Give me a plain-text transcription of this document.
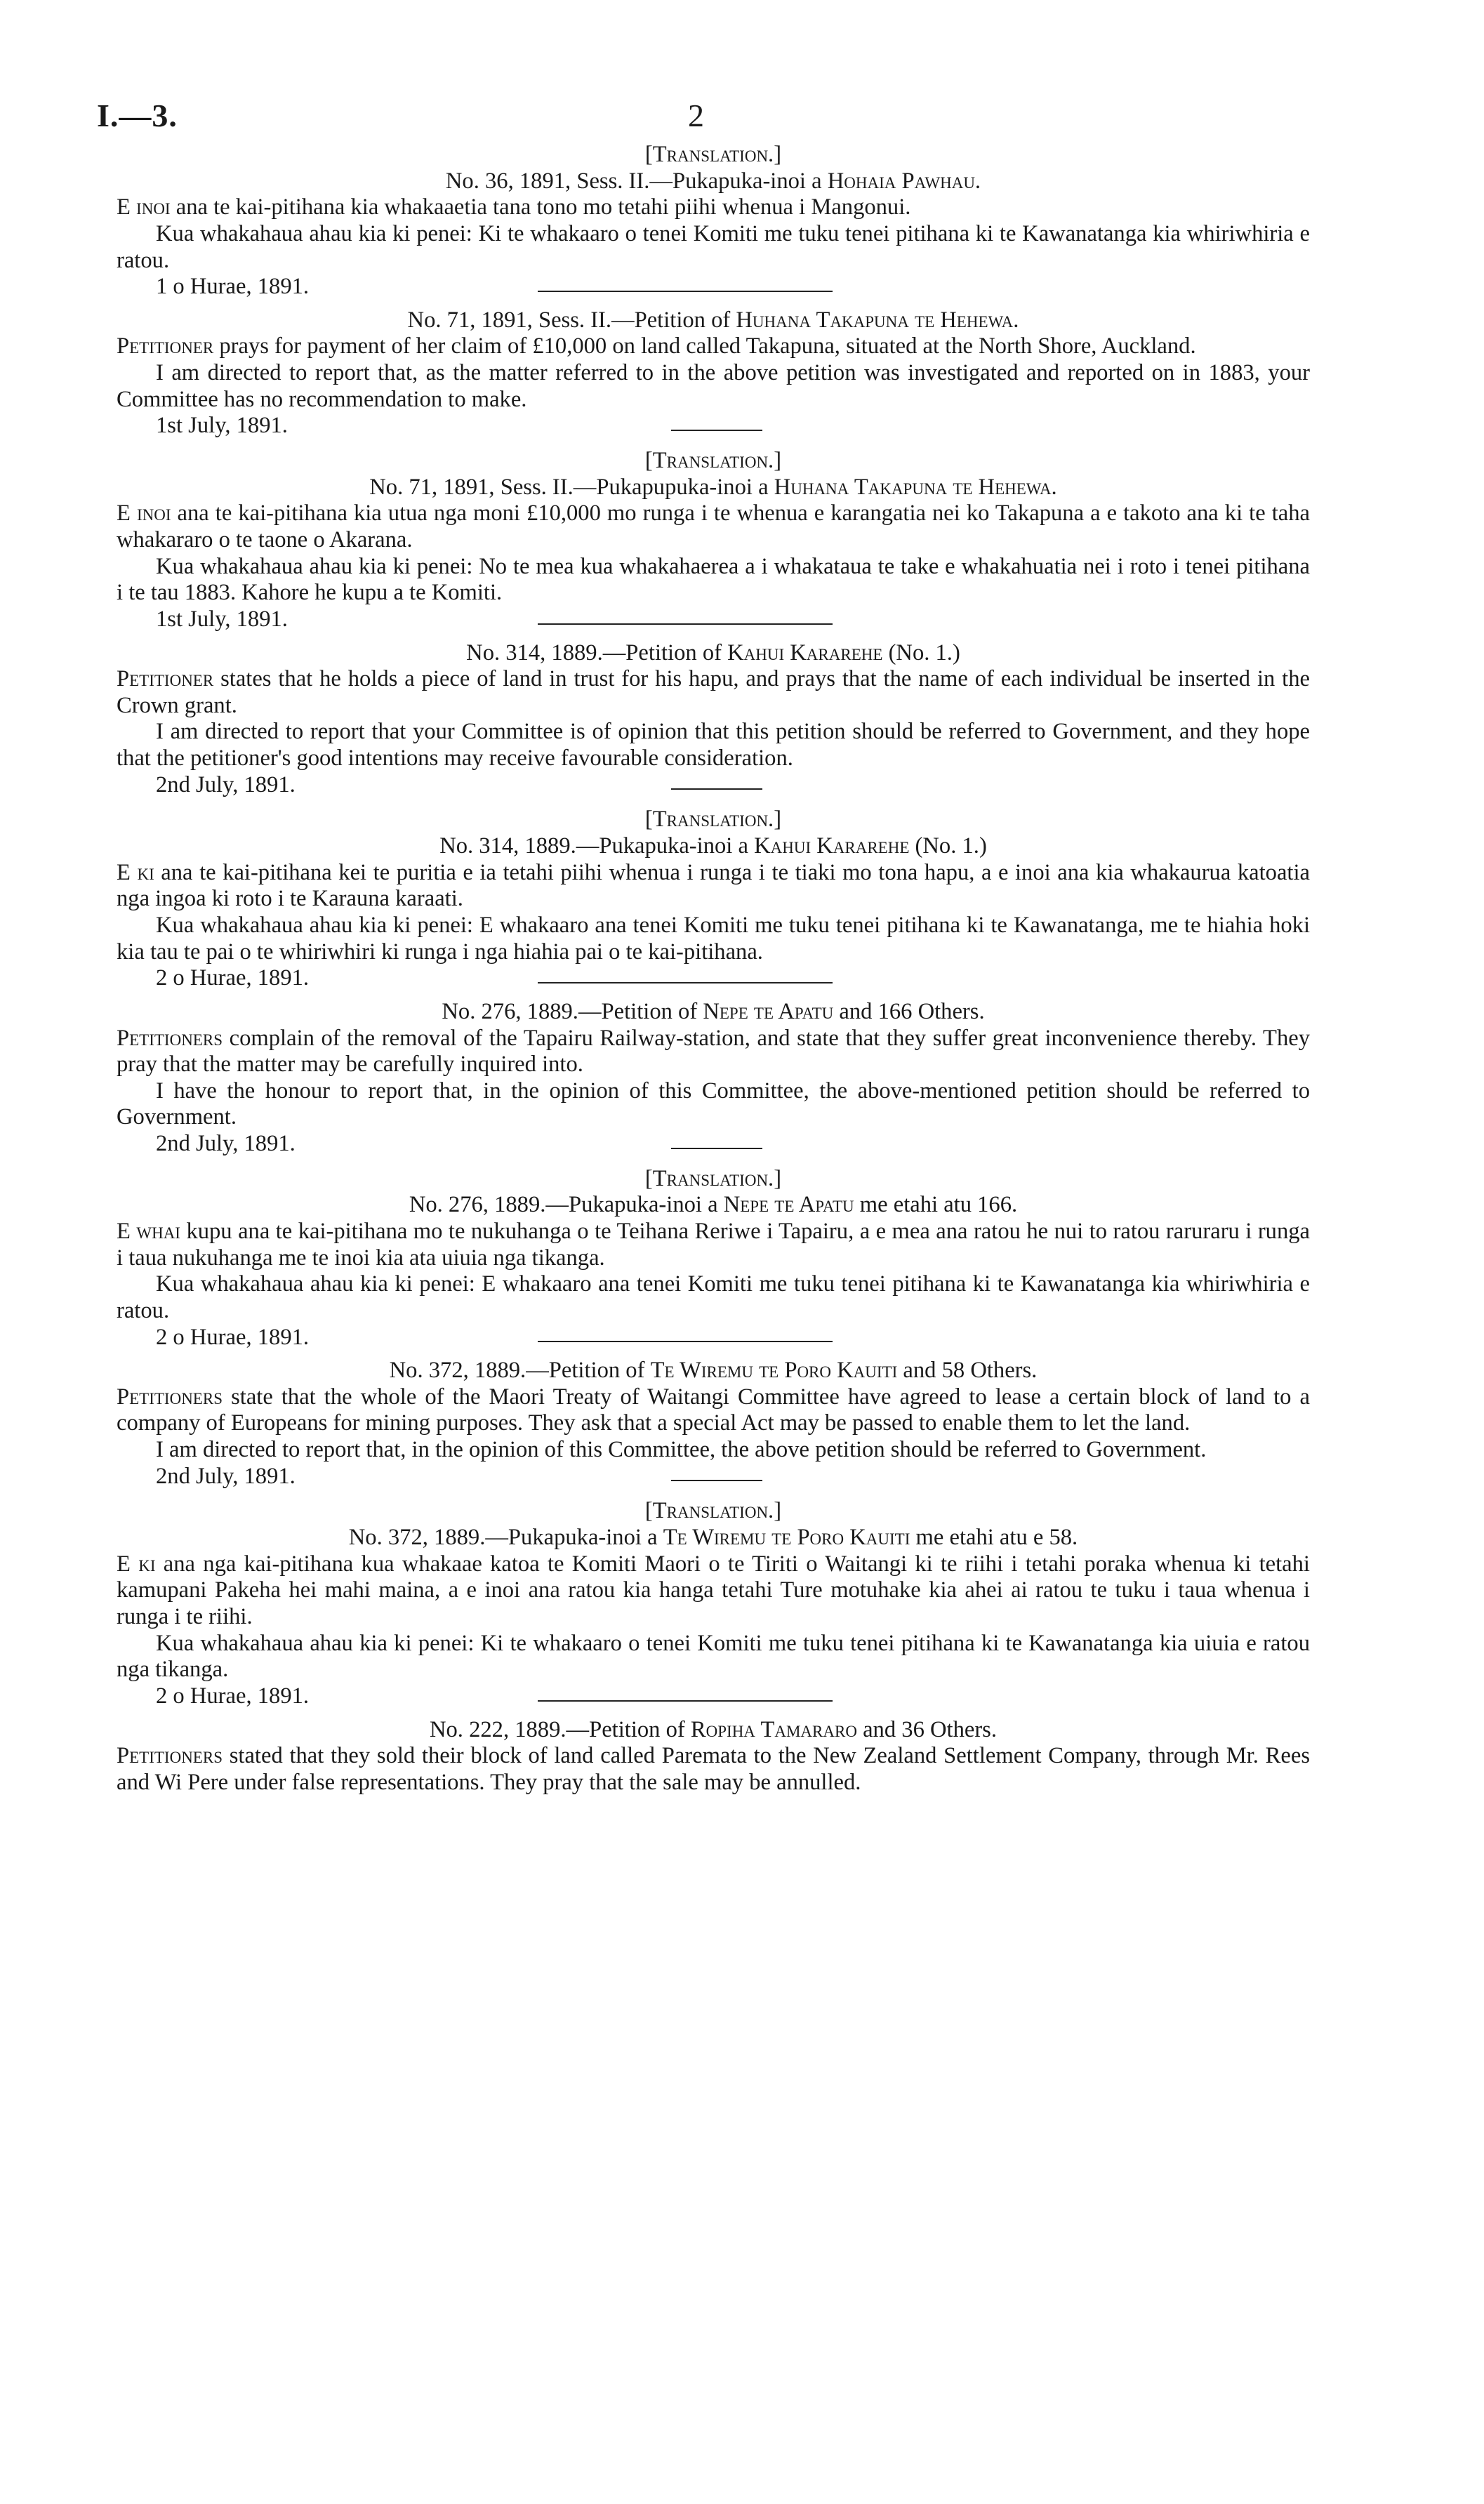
I.—3.	2
[Translation.]
No. 36, 1891, Sess. II.—Pukapuka-inoi a Hohaia Pawhau.

E inoi ana te kai-pitihana kia whakaaetia tana tono mo tetahi piihi whenua i Mangonui.

Kua whakahaua ahau kia ki penei: Ki te whakaaro o tenei Komiti me tuku tenei pitihana ki te Kawanatanga kia whiriwhiria e ratou.

1 o Hurae, 1891.
No. 71, 1891, Sess. II.—Petition of Huhana Takapuna te Hehewa.

Petitioner prays for payment of her claim of £10,000 on land called Takapuna, situated at the North Shore, Auckland.

I am directed to report that, as the matter referred to in the above petition was investigated and reported on in 1883, your Committee has no recommendation to make.

1st July, 1891.
[Translation.]
No. 71, 1891, Sess. II.—Pukapupuka-inoi a Huhana Takapuna te Hehewa.

E inoi ana te kai-pitihana kia utua nga moni £10,000 mo runga i te whenua e karangatia nei ko Takapuna a e takoto ana ki te taha whakararo o te taone o Akarana.

Kua whakahaua ahau kia ki penei: No te mea kua whakahaerea a i whakataua te take e whakahuatia nei i roto i tenei pitihana i te tau 1883. Kahore he kupu a te Komiti.

1st July, 1891.
No. 314, 1889.—Petition of Kahui Kararehe (No. 1.)

Petitioner states that he holds a piece of land in trust for his hapu, and prays that the name of each individual be inserted in the Crown grant.

I am directed to report that your Committee is of opinion that this petition should be referred to Government, and they hope that the petitioner's good intentions may receive favourable consideration.

2nd July, 1891.
[Translation.]
No. 314, 1889.—Pukapuka-inoi a Kahui Kararehe (No. 1.)

E ki ana te kai-pitihana kei te puritia e ia tetahi piihi whenua i runga i te tiaki mo tona hapu, a e inoi ana kia whakaurua katoatia nga ingoa ki roto i te Karauna karaati.

Kua whakahaua ahau kia ki penei: E whakaaro ana tenei Komiti me tuku tenei pitihana ki te Kawanatanga, me te hiahia hoki kia tau te pai o te whiriwhiri ki runga i nga hiahia pai o te kai-pitihana.

2 o Hurae, 1891.
No. 276, 1889.—Petition of Nepe te Apatu and 166 Others.

Petitioners complain of the removal of the Tapairu Railway-station, and state that they suffer great inconvenience thereby. They pray that the matter may be carefully inquired into.

I have the honour to report that, in the opinion of this Committee, the above-mentioned petition should be referred to Government.

2nd July, 1891.
[Translation.]
No. 276, 1889.—Pukapuka-inoi a Nepe te Apatu me etahi atu 166.

E whai kupu ana te kai-pitihana mo te nukuhanga o te Teihana Reriwe i Tapairu, a e mea ana ratou he nui to ratou raruraru i runga i taua nukuhanga me te inoi kia ata uiuia nga tikanga.

Kua whakahaua ahau kia ki penei: E whakaaro ana tenei Komiti me tuku tenei pitihana ki te Kawanatanga kia whiriwhiria e ratou.

2 o Hurae, 1891.
No. 372, 1889.—Petition of Te Wiremu te Poro Kauiti and 58 Others.

Petitioners state that the whole of the Maori Treaty of Waitangi Committee have agreed to lease a certain block of land to a company of Europeans for mining purposes. They ask that a special Act may be passed to enable them to let the land.

I am directed to report that, in the opinion of this Committee, the above petition should be referred to Government.

2nd July, 1891.
[Translation.]
No. 372, 1889.—Pukapuka-inoi a Te Wiremu te Poro Kauiti me etahi atu e 58.

E ki ana nga kai-pitihana kua whakaae katoa te Komiti Maori o te Tiriti o Waitangi ki te riihi i tetahi poraka whenua ki tetahi kamupani Pakeha hei mahi maina, a e inoi ana ratou kia hanga tetahi Ture motuhake kia ahei ai ratou te tuku i taua whenua i runga i te riihi.

Kua whakahaua ahau kia ki penei: Ki te whakaaro o tenei Komiti me tuku tenei pitihana ki te Kawanatanga kia uiuia e ratou nga tikanga.

2 o Hurae, 1891.
No. 222, 1889.—Petition of Ropiha Tamararo and 36 Others.

Petitioners stated that they sold their block of land called Paremata to the New Zealand Settlement Company, through Mr. Rees and Wi Pere under false representations. They pray that the sale may be annulled.
